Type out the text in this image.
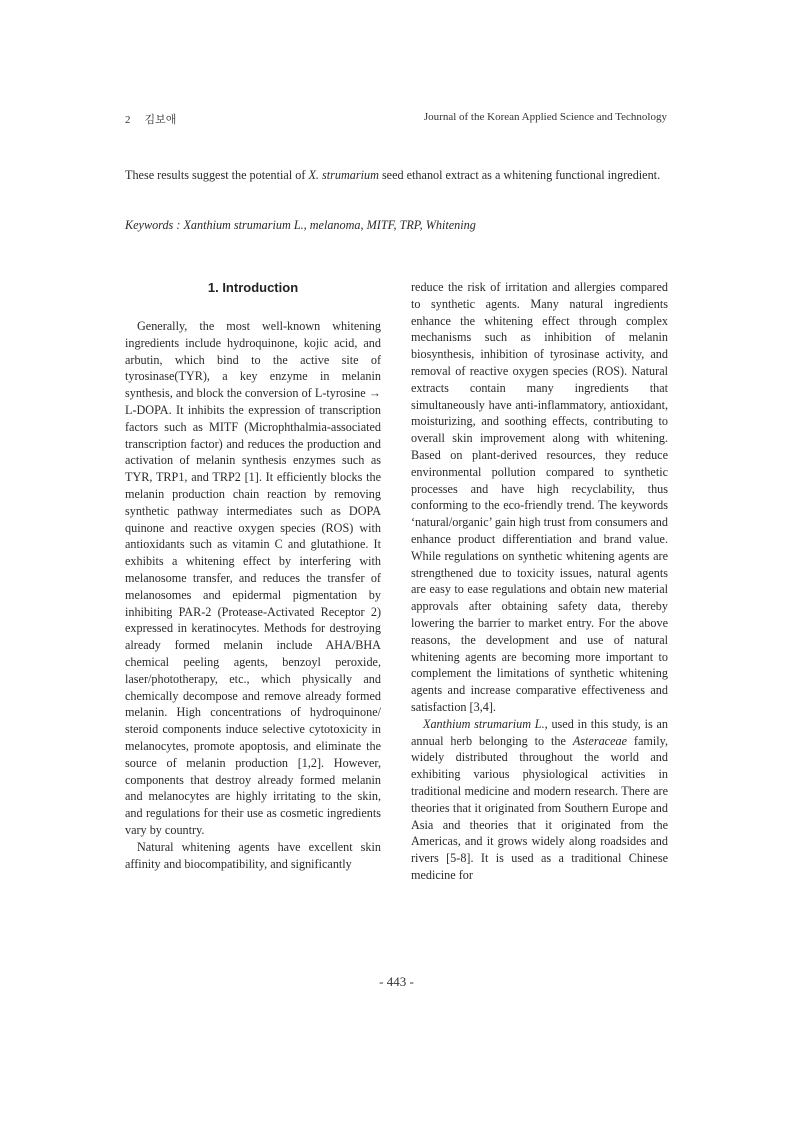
2 김보애	Journal of the Korean Applied Science and Technology
These results suggest the potential of X. strumarium seed ethanol extract as a whitening functional ingredient.
Keywords : Xanthium strumarium L., melanoma, MITF, TRP, Whitening
1. Introduction

Generally, the most well-known whitening ingredients include hydroquinone, kojic acid, and arbutin, which bind to the active site of tyrosinase(TYR), a key enzyme in melanin synthesis, and block the conversion of L-tyrosine → L-DOPA. It inhibits the expression of transcription factors such as MITF (Microphthalmia-associated transcription factor) and reduces the production and activation of melanin synthesis enzymes such as TYR, TRP1, and TRP2 [1]. It efficiently blocks the melanin production chain reaction by removing synthetic pathway intermediates such as DOPA quinone and reactive oxygen species (ROS) with antioxidants such as vitamin C and glutathione. It exhibits a whitening effect by interfering with melanosome transfer, and reduces the transfer of melanosomes and epidermal pigmentation by inhibiting PAR-2 (Protease-Activated Receptor 2) expressed in keratinocytes. Methods for destroying already formed melanin include AHA/BHA chemical peeling agents, benzoyl peroxide, laser/phototherapy, etc., which physically and chemically decompose and remove already formed melanin. High concentrations of hydroquinone/ steroid components induce selective cytotoxicity in melanocytes, promote apoptosis, and eliminate the source of melanin production [1,2]. However, components that destroy already formed melanin and melanocytes are highly irritating to the skin, and regulations for their use as cosmetic ingredients vary by country.

Natural whitening agents have excellent skin affinity and biocompatibility, and significantly

reduce the risk of irritation and allergies compared to synthetic agents. Many natural ingredients enhance the whitening effect through complex mechanisms such as inhibition of melanin biosynthesis, inhibition of tyrosinase activity, and removal of reactive oxygen species (ROS). Natural extracts contain many ingredients that simultaneously have anti-inflammatory, antioxidant, moisturizing, and soothing effects, contributing to overall skin improvement along with whitening. Based on plant-derived resources, they reduce environmental pollution compared to synthetic processes and have high recyclability, thus conforming to the eco-friendly trend. The keywords ‘natural/organic’ gain high trust from consumers and enhance product differentiation and brand value. While regulations on synthetic whitening agents are strengthened due to toxicity issues, natural agents are easy to ease regulations and obtain new material approvals after obtaining safety data, thereby lowering the barrier to market entry. For the above reasons, the development and use of natural whitening agents are becoming more important to complement the limitations of synthetic whitening agents and increase comparative effectiveness and satisfaction [3,4].

Xanthium strumarium L., used in this study, is an annual herb belonging to the Asteraceae family, widely distributed throughout the world and exhibiting various physiological activities in traditional medicine and modern research. There are theories that it originated from Southern Europe and Asia and theories that it originated from the Americas, and it grows widely along roadsides and rivers [5-8]. It is used as a traditional Chinese medicine for

- 443 -
